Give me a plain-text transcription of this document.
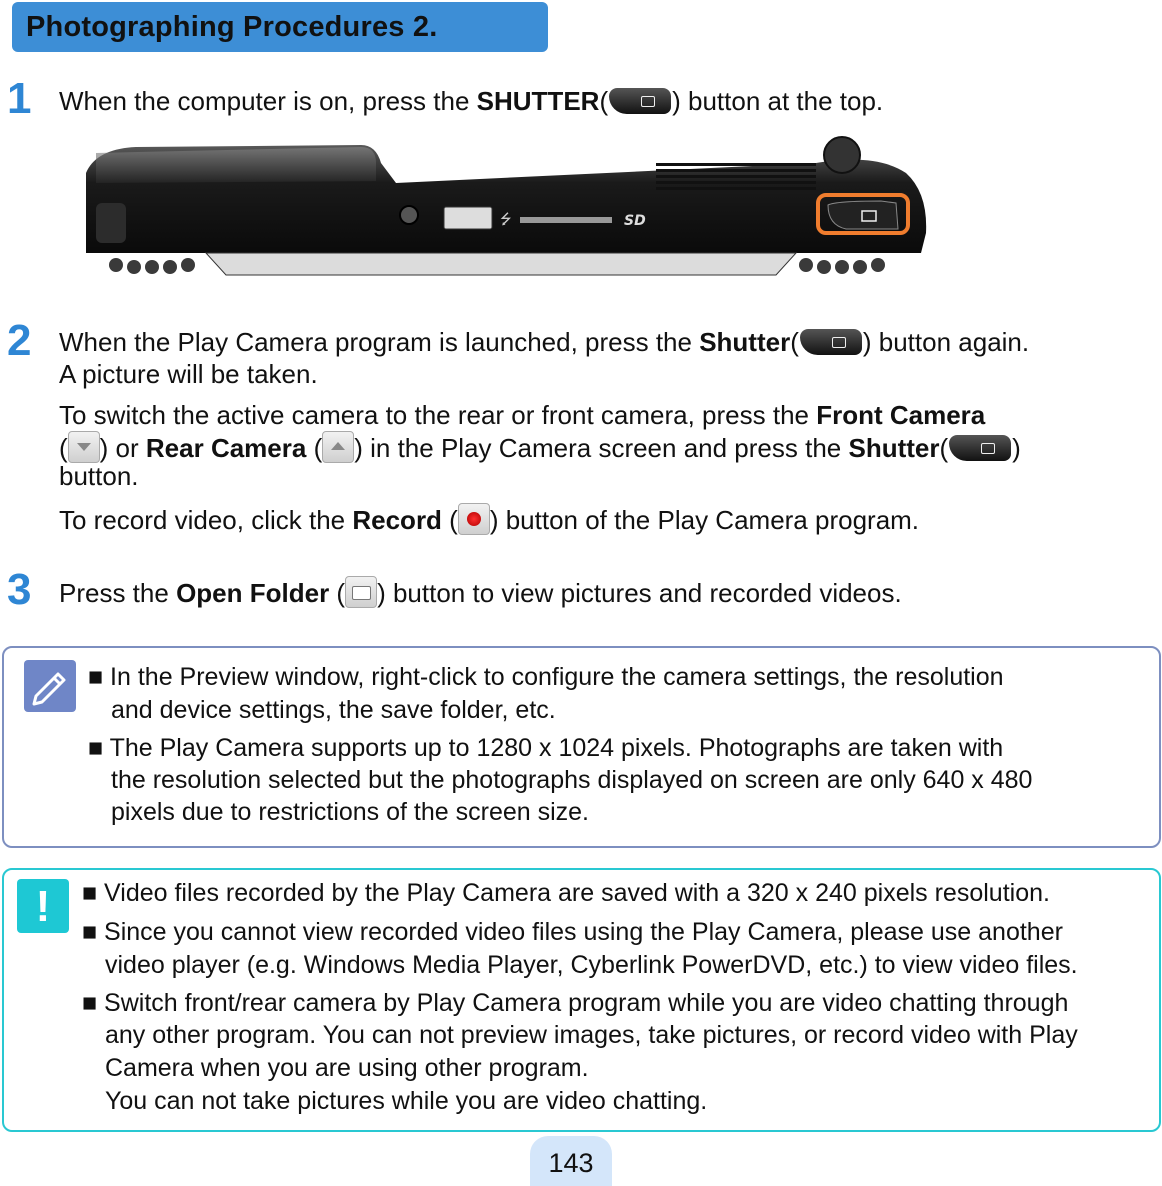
Photographing Procedures 2.
1 When the computer is on, press the SHUTTER( ) button at the top.
⭍	SD
2 When the Play Camera program is launched, press the Shutter( ) button again.
A picture will be taken.
To switch the active camera to the rear or front camera, press the Front Camera
( ) or Rear Camera ( ) in the Play Camera screen and press the Shutter( )
button.
To record video, click the Record ( ) button of the Play Camera program.
3 Press the Open Folder ( ) button to view pictures and recorded videos.
■ In the Preview window, right-click to configure the camera settings, the resolution
and device settings, the save folder, etc.
■ The Play Camera supports up to 1280 x 1024 pixels. Photographs are taken with
the resolution selected but the photographs displayed on screen are only 640 x 480
pixels due to restrictions of the screen size.
!	■ Video files recorded by the Play Camera are saved with a 320 x 240 pixels resolution.
■ Since you cannot view recorded video files using the Play Camera, please use another
video player (e.g. Windows Media Player, Cyberlink PowerDVD, etc.) to view video files.
■ Switch front/rear camera by Play Camera program while you are video chatting through
any other program. You can not preview images, take pictures, or record video with Play
Camera when you are using other program.
You can not take pictures while you are video chatting.
143
